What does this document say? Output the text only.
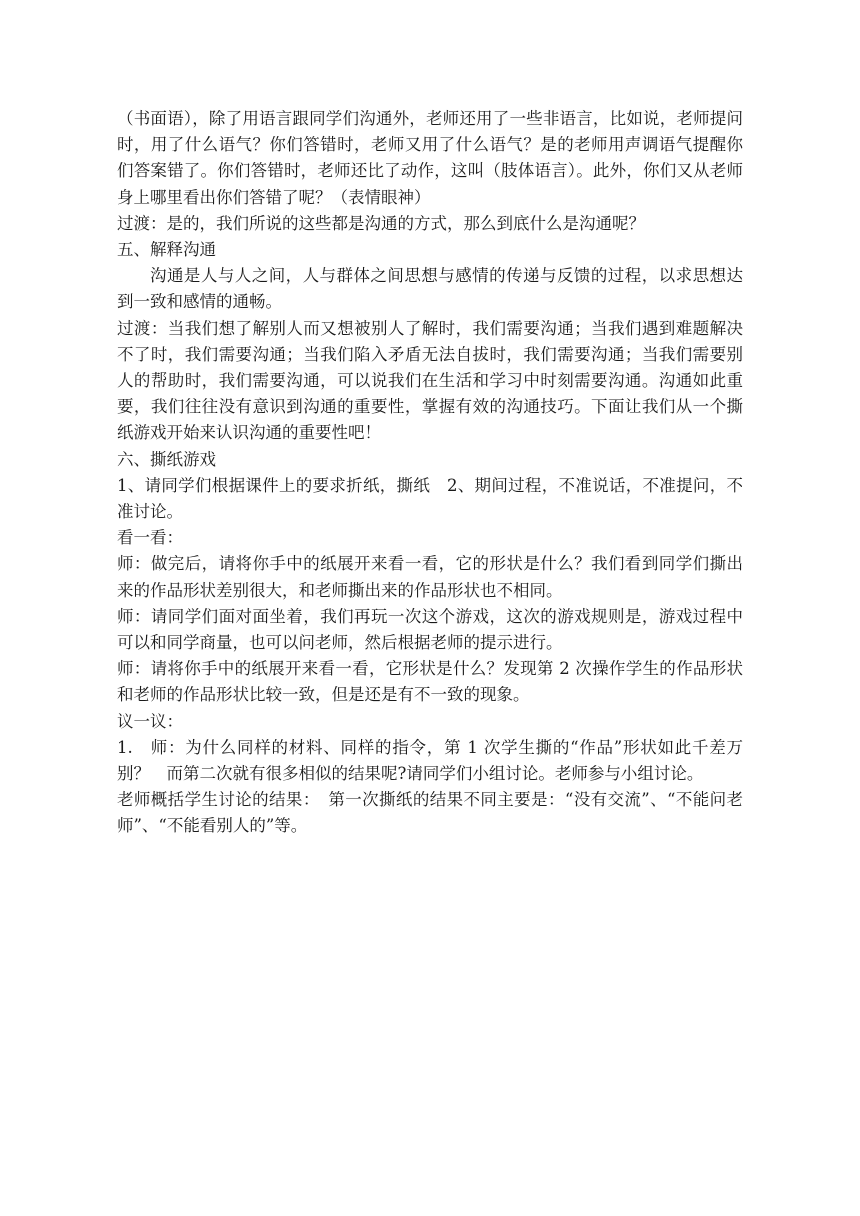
（书面语），除了用语言跟同学们沟通外，老师还用了一些非语言，比如说，老师提问时，用了什么语气？你们答错时，老师又用了什么语气？是的老师用声调语气提醒你们答案错了。你们答错时，老师还比了动作，这叫（肢体语言）。此外，你们又从老师身上哪里看出你们答错了呢？（表情眼神）

过渡：是的，我们所说的这些都是沟通的方式，那么到底什么是沟通呢？

五、解释沟通

沟通是人与人之间，人与群体之间思想与感情的传递与反馈的过程，以求思想达到一致和感情的通畅。

过渡：当我们想了解别人而又想被别人了解时，我们需要沟通；当我们遇到难题解决不了时，我们需要沟通；当我们陷入矛盾无法自拔时，我们需要沟通；当我们需要别人的帮助时，我们需要沟通，可以说我们在生活和学习中时刻需要沟通。沟通如此重要，我们往往没有意识到沟通的重要性，掌握有效的沟通技巧。下面让我们从一个撕纸游戏开始来认识沟通的重要性吧！

六、撕纸游戏

1、请同学们根据课件上的要求折纸，撕纸　2、期间过程，不准说话，不准提问，不准讨论。

看一看：

师：做完后，请将你手中的纸展开来看一看，它的形状是什么？我们看到同学们撕出来的作品形状差别很大，和老师撕出来的作品形状也不相同。

师：请同学们面对面坐着，我们再玩一次这个游戏，这次的游戏规则是，游戏过程中可以和同学商量，也可以问老师，然后根据老师的提示进行。

师：请将你手中的纸展开来看一看，它形状是什么？发现第 2 次操作学生的作品形状和老师的作品形状比较一致，但是还是有不一致的现象。

议一议：

1.　师：为什么同样的材料、同样的指令，第 1 次学生撕的“作品”形状如此千差万别？　而第二次就有很多相似的结果呢?请同学们小组讨论。老师参与小组讨论。

老师概括学生讨论的结果：　第一次撕纸的结果不同主要是：“没有交流”、“不能问老师”、“不能看别人的”等。
